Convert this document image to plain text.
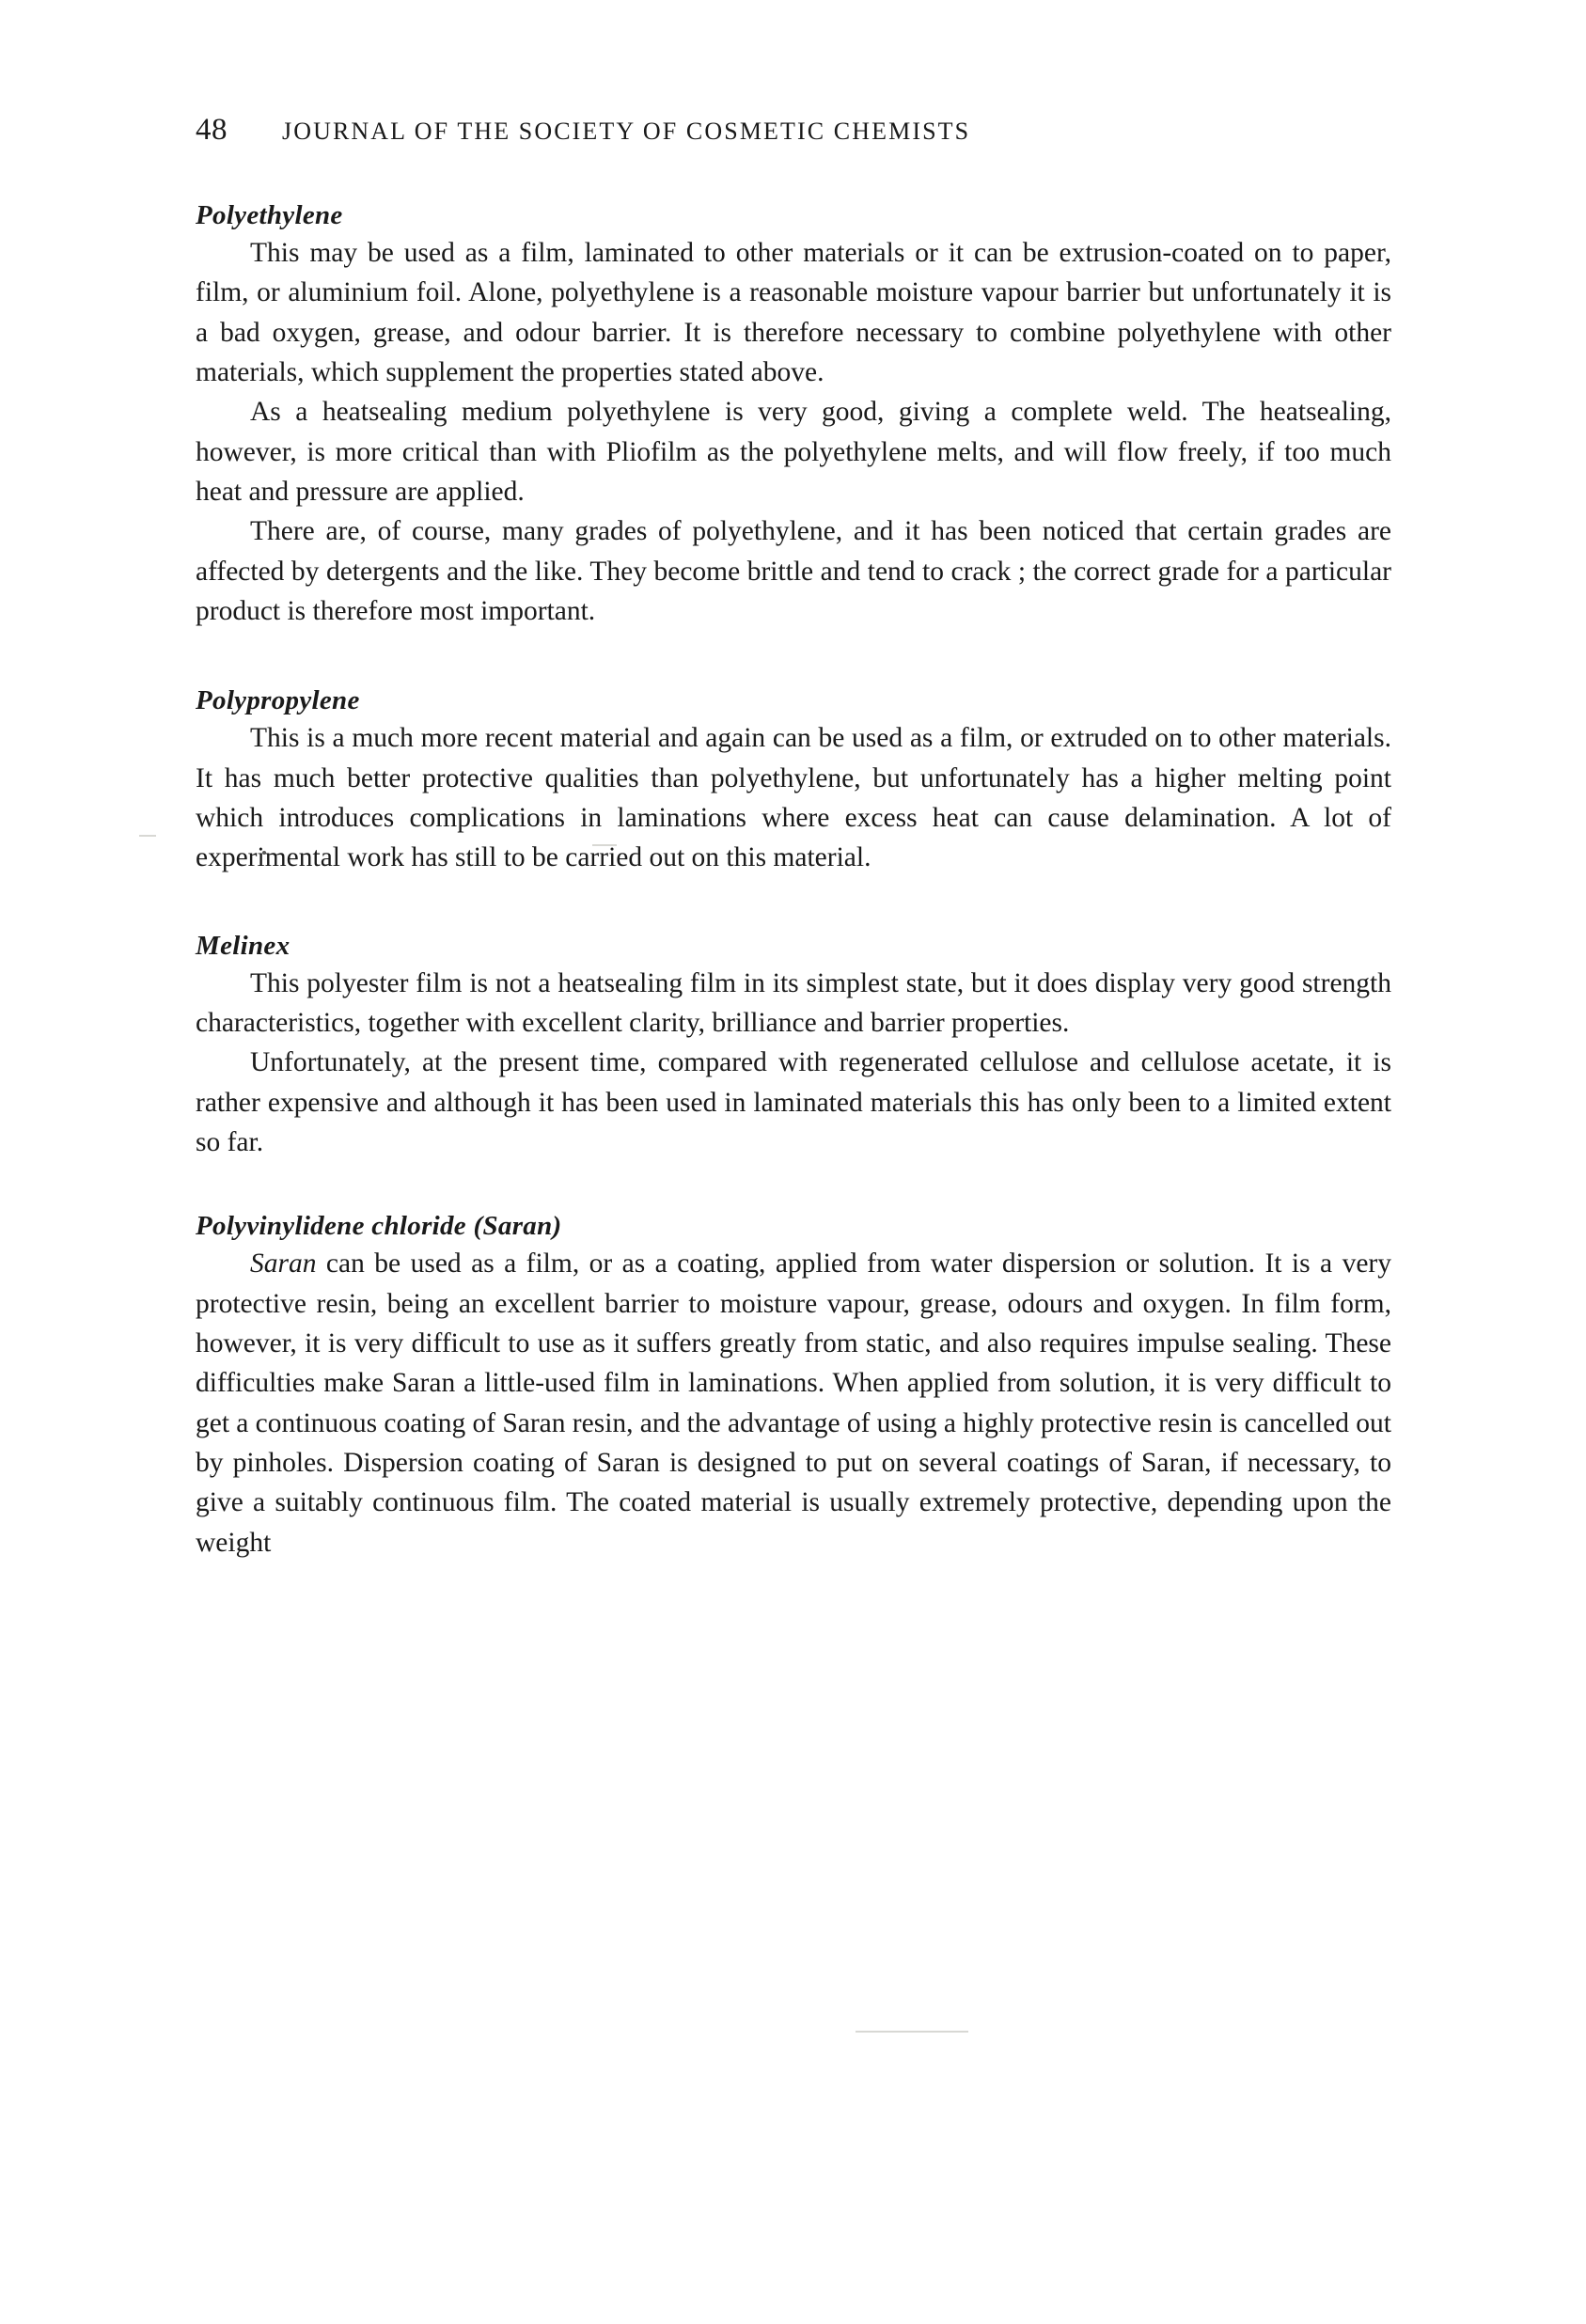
48	JOURNAL OF THE SOCIETY OF COSMETIC CHEMISTS
Polyethylene

This may be used as a film, laminated to other materials or it can be extrusion-coated on to paper, film, or aluminium foil. Alone, polyethylene is a reasonable moisture vapour barrier but unfortunately it is a bad oxygen, grease, and odour barrier. It is therefore necessary to combine polyethylene with other materials, which supplement the properties stated above.

As a heatsealing medium polyethylene is very good, giving a complete weld. The heatsealing, however, is more critical than with Pliofilm as the polyethylene melts, and will flow freely, if too much heat and pressure are applied.

There are, of course, many grades of polyethylene, and it has been noticed that certain grades are affected by detergents and the like. They become brittle and tend to crack ; the correct grade for a particular product is therefore most important.

Polypropylene

This is a much more recent material and again can be used as a film, or extruded on to other materials. It has much better protective qualities than polyethylene, but unfortunately has a higher melting point which introduces complications in laminations where excess heat can cause delamination. A lot of experimental work has still to be carried out on this material.

Melinex

This polyester film is not a heatsealing film in its simplest state, but it does display very good strength characteristics, together with excellent clarity, brilliance and barrier properties.

Unfortunately, at the present time, compared with regenerated cellulose and cellulose acetate, it is rather expensive and although it has been used in laminated materials this has only been to a limited extent so far.

Polyvinylidene chloride (Saran)

Saran can be used as a film, or as a coating, applied from water dispersion or solution. It is a very protective resin, being an excellent barrier to moisture vapour, grease, odours and oxygen. In film form, however, it is very difficult to use as it suffers greatly from static, and also requires impulse sealing. These difficulties make Saran a little-used film in laminations. When applied from solution, it is very difficult to get a continuous coating of Saran resin, and the advantage of using a highly protective resin is cancelled out by pinholes. Dispersion coating of Saran is designed to put on several coatings of Saran, if necessary, to give a suitably continuous film. The coated material is usually extremely protective, depending upon the weight
